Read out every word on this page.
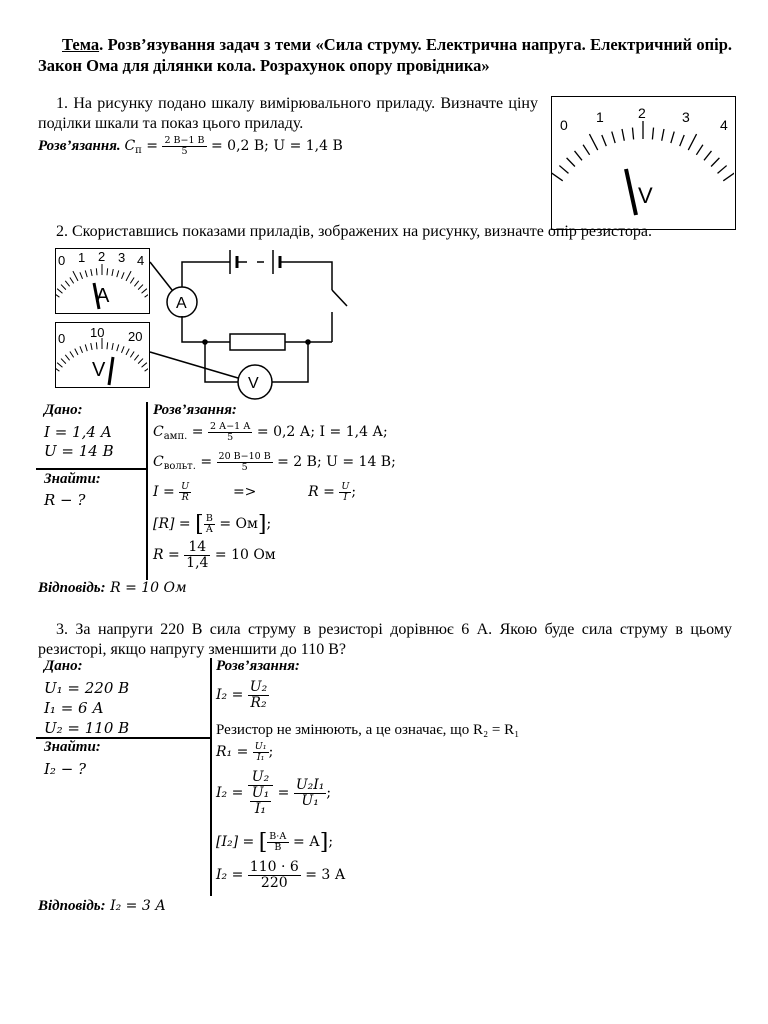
Тема. Розв’язування задач з теми «Сила струму. Електрична напруга. Електричний опір. Закон Ома для ділянки кола. Розрахунок опору провідника»
1. На рисунку подано шкалу вимірювального приладу. Визначте ціну поділки шкали та показ цього приладу.
Розв’язання. $C_п = \frac{2 В-1 В}{5} = 0,2$ В; U = 1,4 В
0 1 2	3 4
V
2. Скориставшись показами приладів, зображених на рисунку, визначте опір резистора.
0 1 2 3 4
A
0 10 20
V
A
V
Дано:
I = 1,4 А
U = 14 В
Знайти:
R − ?
Розв’язання:
$C_{амп.} = \frac{2 А-1 А}{5} = 0,2$ А; I = 1,4 А;
$C_{вольт.} = \frac{20 В-10 В}{5} = 2$ В; U = 14 В;
$I = \frac{U}{R}$	=>	$R = \frac{U}{I}$ ;
[R] = [ $\frac{В}{А} = Ом$];
$R = \frac{14}{1,4} = 10$ Ом
Відповідь: R = 10 Ом
3. За напруги 220 В сила струму в резисторі дорівнює 6 А. Якою буде сила струму в цьому резисторі, якщо напругу зменшити до 110 В?
Дано:
U₁ = 220 В
I₁ = 6 А
U₂ = 110 В
Знайти:
I₂ − ?
Розв’язання:
$I_2 = \frac{\text{U₂}}{\text{R₂}}$
Резистор не змінюють, а це означає, що R₂ = R₁
$R_1 = \frac{\text{U₁}}{\text{I₁}}$ ;
$I_2 = \frac{\text{U₂}}{\frac{\text{U₁}}{\text{I₁}}} = \frac{\text{U₂I₁}}{\text{U₁}}$ ;
[I₂] = [ $\frac{В\cdot А}{В} = А$];
$I_2 = \frac{110 \cdot 6}{220} = 3$ А
Відповідь: I₂ = 3 А
